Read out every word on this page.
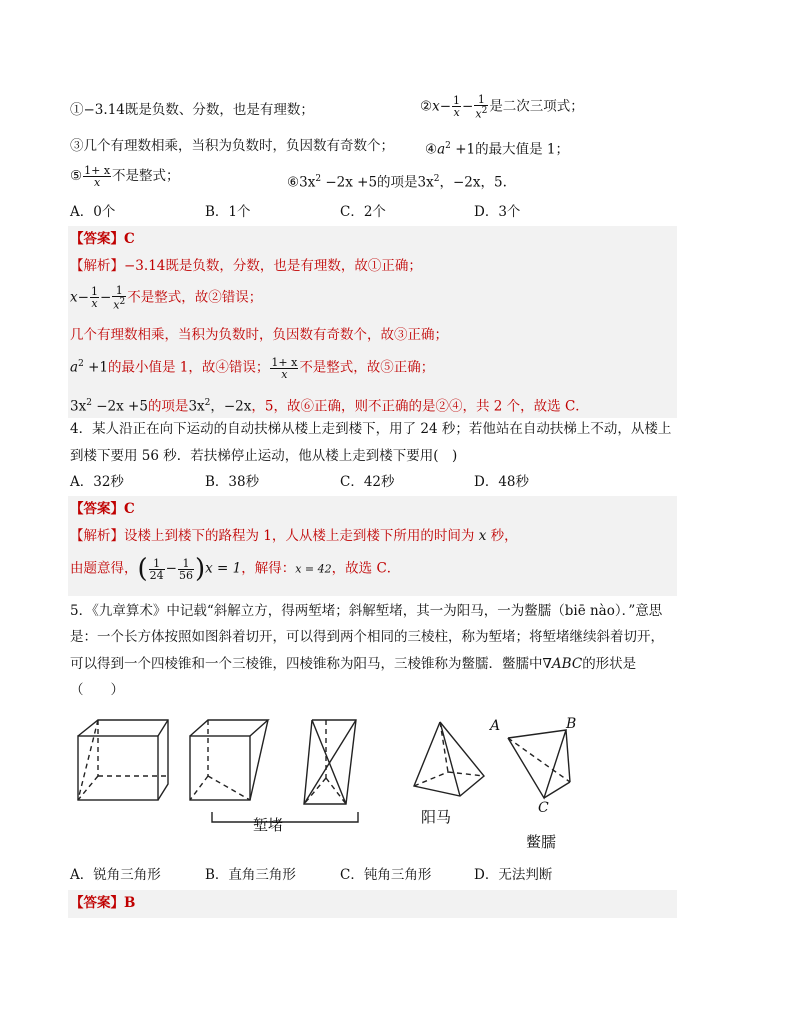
①−3.14既是负数、分数，也是有理数；	②x− $\frac{1}{x} - \frac{1}{x^2}$ 是二次三项式；
③几个有理数相乘，当积为负数时，负因数有奇数个； $④a^2 +1$的最大值是 1；
⑤ $\frac{1+ x}{x}$ 不是整式；	$⑥3x^2 -2x +5$的项是$3x^2$，−2x，5.
A．0个	B．1个	C．2个	D．3个
【答案】C
【解析】−3.14既是负数，分数，也是有理数，故①正确；
$x- \frac{1}{x} - \frac{1}{x^2}$ 不是整式，故②错误；
几个有理数相乘，当积为负数时，负因数有奇数个，故③正确；
$a^2 +1$的最小值是 1，故④错误； $\frac{1+ x}{x}$ 不是整式，故⑤正确；
$3x^2 -2x +5$的项是$3x^2$，−2x，5，故⑥正确，则不正确的是②④，共 2 个，故选 C．
4．某人沿正在向下运动的自动扶梯从楼上走到楼下，用了 24 秒；若他站在自动扶梯上不动，从楼上
到楼下要用 56 秒．若扶梯停止运动，他从楼上走到楼下要用(　)
A．32秒	B．38秒	C．42秒	D．48秒
【答案】C
【解析】设楼上到楼下的路程为 1，人从楼上走到楼下所用的时间为 x 秒，
由题意得，( $\frac{1}{24} - \frac{1}{56} )x = 1$，解得：x = 42，故选 C．
5．《九章算术》中记载“斜解立方，得两堑堵；斜解堑堵，其一为阳马，一为鳖臑（biē nào）．”意思
是：一个长方体按照如图斜着切开，可以得到两个相同的三棱柱，称为堑堵；将堑堵继续斜着切开，
可以得到一个四棱锥和一个三棱锥，四棱锥称为阳马，三棱锥称为鳖臑．鳖臑中∇ABC的形状是
（　　）
堑堵	阳马
鳖臑
A	B
C
A．锐角三角形	B．直角三角形	C．钝角三角形	D．无法判断
【答案】B
